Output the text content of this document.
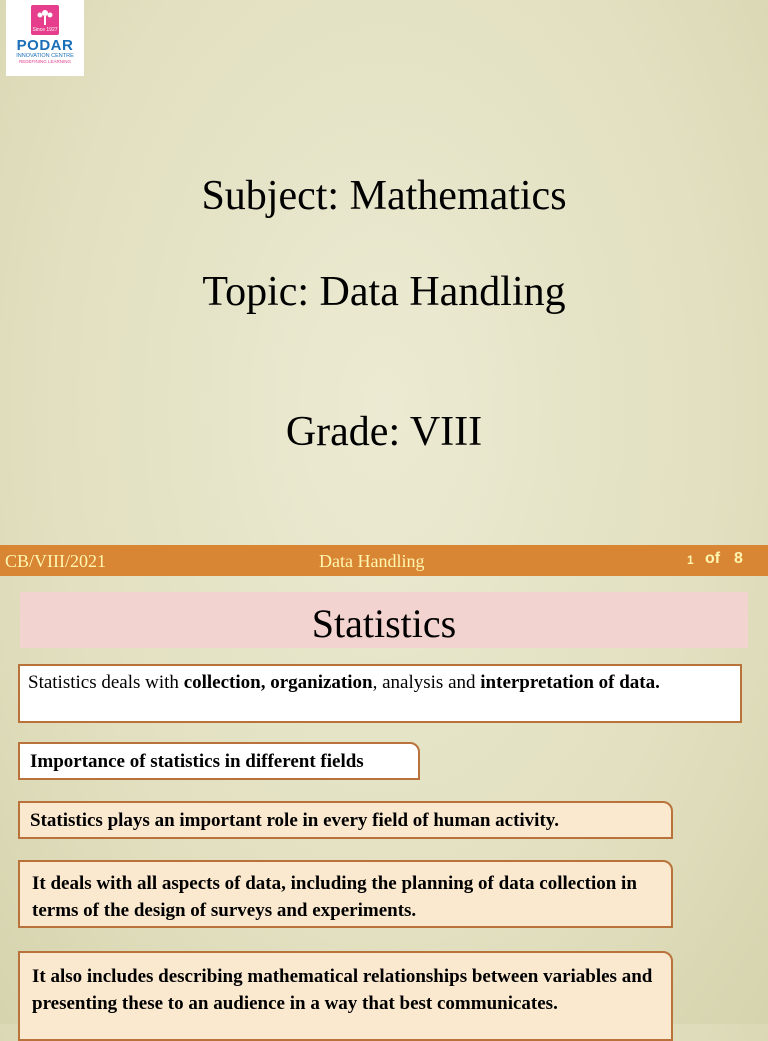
Since 1927
PODAR
INNOVATION CENTRE
REDEFINING LEARNING
Subject: Mathematics
Topic: Data Handling
Grade: VIII
CB/VIII/2021	Data Handling	1 of 8
Statistics
Statistics deals with collection, organization, analysis and interpretation of data.
Importance of statistics in different fields
Statistics plays an important role in every field of human activity.
It deals with all aspects of data, including the planning of data collection in terms of the design of surveys and experiments.
It also includes describing mathematical relationships between variables and presenting these to an audience in a way that best communicates.
